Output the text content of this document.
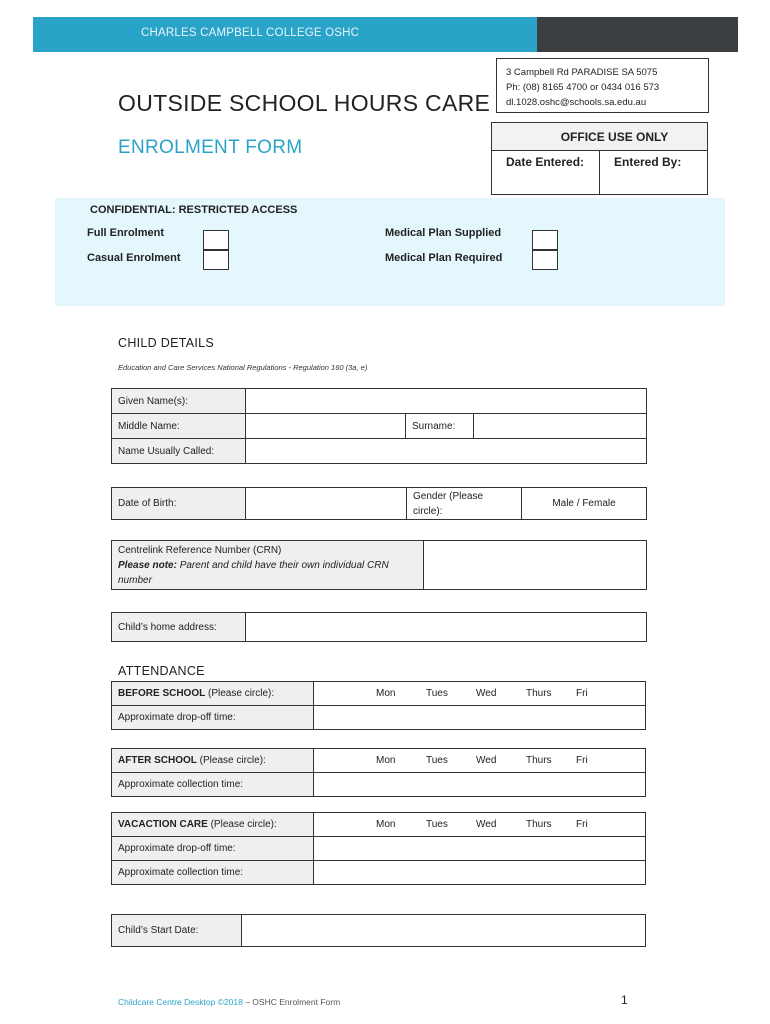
CHARLES CAMPBELL COLLEGE OSHC
3 Campbell Rd PARADISE SA 5075
Ph: (08) 8165 4700 or 0434 016 573
dl.1028.oshc@schools.sa.edu.au
OUTSIDE SCHOOL HOURS CARE
ENROLMENT FORM
OFFICE USE ONLY
Date Entered:	Entered By:
CONFIDENTIAL: RESTRICTED ACCESS
Full Enrolment
Casual Enrolment
Medical Plan Supplied
Medical Plan Required
CHILD DETAILS
Education and Care Services National Regulations - Regulation 160 (3a, e)
Given Name(s):			
Middle Name:		Surname:	
Name Usually Called:			
Date of Birth:		Gender (Please circle):	Male / Female
Centrelink Reference Number (CRN)
Please note: Parent and child have their own individual CRN number

Child’s home address:	
ATTENDANCE
BEFORE SCHOOL (Please circle):	Mon Tues Wed Thurs Fri

Approximate drop-off time:	
AFTER SCHOOL (Please circle):	Mon Tues Wed Thurs Fri

Approximate collection time:	
VACACTION CARE (Please circle):	Mon Tues Wed Thurs Fri

Approximate drop-off time:	
Approximate collection time:	
Child’s Start Date:	
Childcare Centre Desktop ©2018 – OSHC Enrolment Form	1
